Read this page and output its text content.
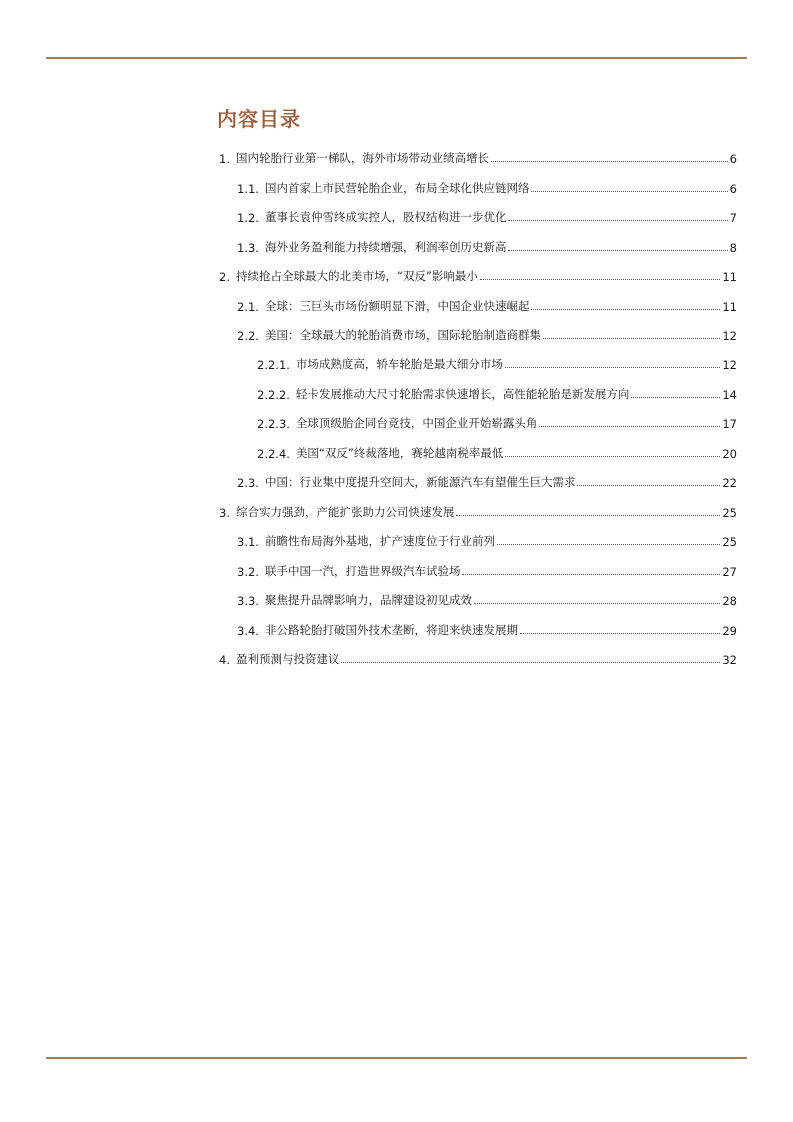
内容目录
1. 国内轮胎行业第一梯队，海外市场带动业绩高增长	6
1.1. 国内首家上市民营轮胎企业，布局全球化供应链网络	6
1.2. 董事长袁仲雪终成实控人，股权结构进一步优化	7
1.3. 海外业务盈利能力持续增强，利润率创历史新高	8
2. 持续抢占全球最大的北美市场，“双反”影响最小	11
2.1. 全球：三巨头市场份额明显下滑，中国企业快速崛起	11
2.2. 美国：全球最大的轮胎消费市场，国际轮胎制造商群集	12
2.2.1. 市场成熟度高，轿车轮胎是最大细分市场	12
2.2.2. 轻卡发展推动大尺寸轮胎需求快速增长，高性能轮胎是新发展方向	14
2.2.3. 全球顶级胎企同台竞技，中国企业开始崭露头角	17
2.2.4. 美国“双反”终裁落地，赛轮越南税率最低	20
2.3. 中国：行业集中度提升空间大，新能源汽车有望催生巨大需求	22
3. 综合实力强劲，产能扩张助力公司快速发展	25
3.1. 前瞻性布局海外基地，扩产速度位于行业前列	25
3.2. 联手中国一汽，打造世界级汽车试验场	27
3.3. 聚焦提升品牌影响力，品牌建设初见成效	28
3.4. 非公路轮胎打破国外技术垄断，将迎来快速发展期	29
4. 盈利预测与投资建议	32
